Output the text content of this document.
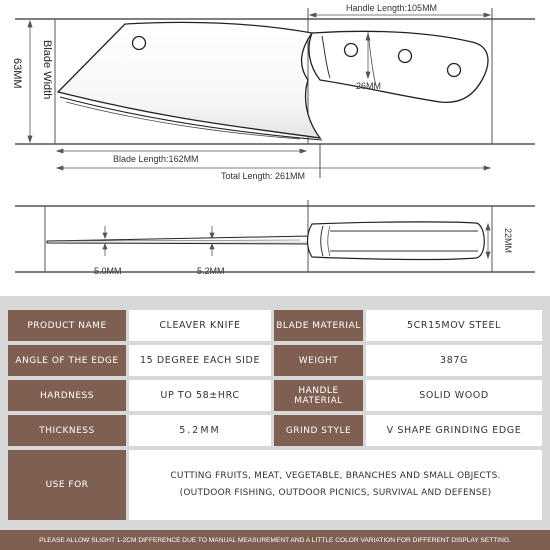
Handle Length:105MM
Blade Width
63MM	26MM
Blade Length:162MM
Total Length: 261MM
5.0MM	5.2MM
22MM
PRODUCT NAME	CLEAVER KNIFE	BLADE MATERIAL	5CR15MOV STEEL
ANGLE OF THE EDGE	15 DEGREE EACH SIDE	WEIGHT	387G
HARDNESS	UP TO 58±HRC	HANDLE MATERIAL	SOLID WOOD
THICKNESS	5.2MM	GRIND STYLE	V SHAPE GRINDING EDGE
USE FOR
CUTTING FRUITS, MEAT, VEGETABLE, BRANCHES AND SMALL OBJECTS.
(OUTDOOR FISHING, OUTDOOR PICNICS, SURVIVAL AND DEFENSE)
PLEASE ALLOW SLIGHT 1-2CM DIFFERENCE DUE TO MANUAL MEASUREMENT AND A LITTLE COLOR VARIATION FOR DIFFERENT DISPLAY SETTING.
